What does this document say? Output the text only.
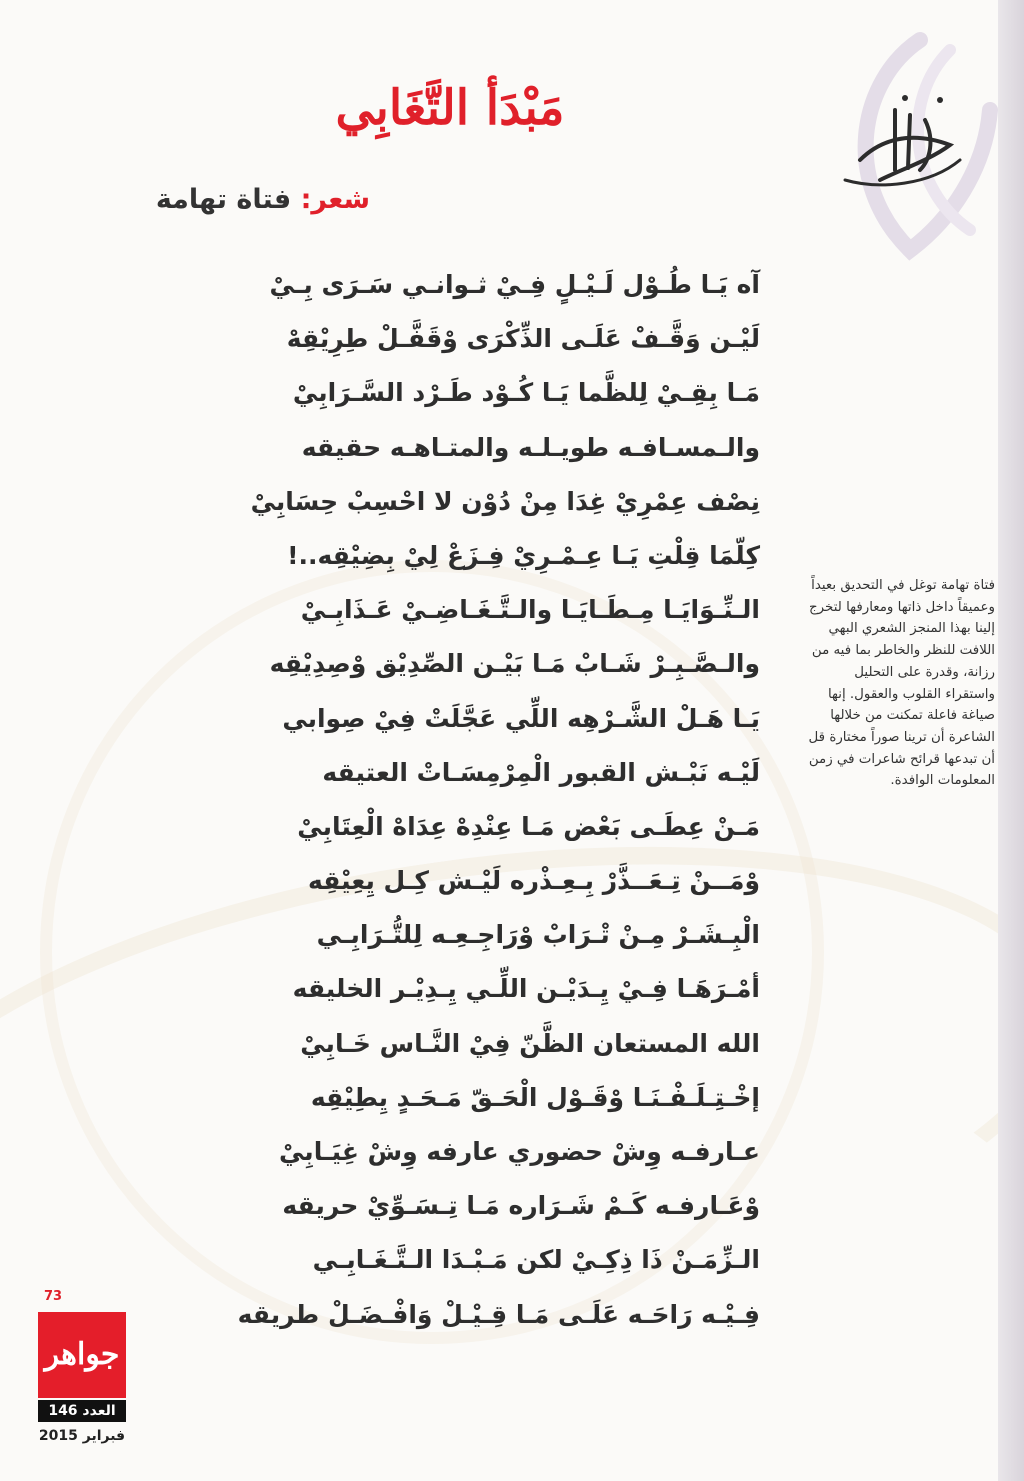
مَبْدَأ التَّغَابِي
شعر: فتاة تهامة
آه يَـا طُـوْل لَـيْـلٍ فِـيْ ثـوانـي سَـرَى بِـيْ
لَيْـن وَقَّـفْ عَلَـى الذِّكْرَى وْقَفَّـلْ طِرِيْقِهْ
مَـا بِقِـيْ لِلظَّما يَـا كُـوْد طَـرْد السَّـرَابِيْ
والـمسـافـه طويـلـه والمتـاهـه حقيقه
نِصْف عِمْرِيْ غِدَا مِنْ دُوْن لا احْسِبْ حِسَابِيْ
كِلّمَا قِلْتِ يَـا عِـمْـرِيْ فِـزَعْ لِيْ بِضِيْقِه..!
الـنِّـوَايَـا مِـطَـايَـا والـتَّـغَـاضِـيْ عَـذَابِـيْ
والـصَّـبِـرْ شَـابْ مَـا بَيْـن الصِّدِيْق وْصِدِيْقِه
يَـا هَـلْ الشَّـرْهِه اللِّي عَجَّلَتْ فِيْ صِوابي
لَيْـه نَبْـش القبور الْمِرْمِسَـاتْ العتيقه
مَـنْ عِطَـى بَعْض مَـا عِنْدِهْ عِدَاهْ الْعِتَابِيْ
وْمَــنْ تِـعَــذَّرْ بِـعِـذْره لَيْـش كِـل يِعِيْقِه
الْبِـشَـرْ مِـنْ تْـرَابْ وْرَاجِـعِـه لِلتُّـرَابِـي
أمْـرَهَـا فِـيْ يِـدَيْـن اللِّـي يِـدِيْـر الخليقه
الله المستعان الظَّنّ فِيْ النَّـاس خَـابِيْ
إخْـتِـلَـفْـنَـا وْقَـوْل الْحَـقّ مَـحَـدٍ يِطِيْقِه
عـارفـه وِشْ حضوري عارفه وِشْ غِيَـابِيْ
وْعَـارفـه كَـمْ شَـرَاره مَـا تِـسَـوِّيْ حريقه
الـزِّمَـنْ ذَا ذِكِـيْ لكن مَـبْـدَا الـتَّـغَـابِـي
فِـيْـه رَاحَـه عَلَـى مَـا قِـيْـلْ وَافْـضَـلْ طريقه
فتاة تهامة توغل في التحديق بعيداً وعميقاً داخل ذاتها ومعارفها لتخرج إلينا بهذا المنجز الشعري البهي اللافت للنظر والخاطر بما فيه من رزانة، وقدرة على التحليل واستقراء القلوب والعقول. إنها صياغة فاعلة تمكنت من خلالها الشاعرة أن ترينا صوراً مختارة قل أن تبدعها قرائح شاعرات في زمن المعلومات الوافدة.
73
جواهر
العدد 146
فبراير 2015
